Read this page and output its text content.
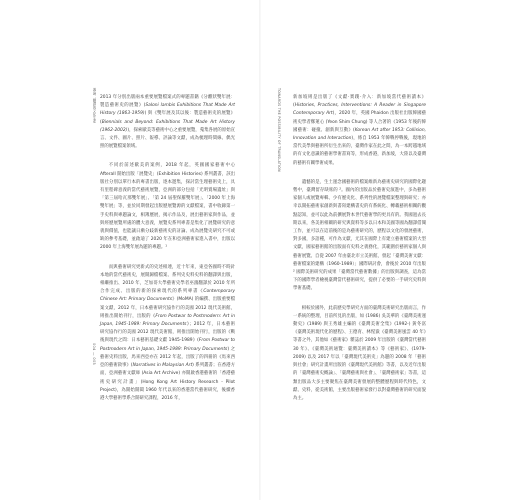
導論：翻譯與文化生產
004 — 005
TOWARDS THE POSSIBILITY OF TRANSLATION

2013 年分別出版兩本重要展覽檔案式的專題書籍《分離狀雙年展：製造藝術史的展覽》(Saloni lambis Exhibitions That Made Art History (1863-1959)) 與《雙年展及其以後：製造藝術史的展覽》(Biennials and Beyond: Exhibitions That Made Art History (1962-2002))，探索歐美等藝術中心之重要展覽，蒐集各展的原始宣言、文件、圖片、照片、報導、評論等文獻，成為梳理時間線、偶光照的展覽檔案領域。

不同於前述歐美的案例，2018 年起，英國國家藝術中心 Afterall 開始出版「展覽史」(Exhibition Histories) 系列叢書，該出版社分別以單行本的專書出版，逐本邀集，探討當生理藝術史上，具有里程碑意義的當代藝術展覽，亞洲的部分包括「光明賣場遺址」與「第三屆哈瓦那雙年展」、「第 24 屆聖保羅雙年展」、「2000 年上海雙年展」等，並於同期發起出版歷展覽源的文獻檔案，書中收錄第一手史料與專題論文，相簿歷展，揭示作品及，展出藝術家與作品，並與經歷展覽所處的體大意義，展覽史系列專書是集化了展覽研究的意義與價值，也能讓日漸分歧新藝術史的討論、成為展覽史研究不可或缺的參考基礎，並啟迪了 2020 年在和亞洲藝術家進入書中，出版以 2000 年上海雙年展為題的專題。¹

而與藝術研究更新式的史述相連，近十年來，東亞各國時不時針本地的當代藝術史，展開歸檔檔案、系列史史料史料的翻譯與出版，相繼推出、2010 年，芝加哥大學藝術史學者巫鴻翻譯於 2010 年所合作完成、出版的新的探索現代的系列專書《Contemporary Chinese Art: Primary Documents》(MoMA) 的編撰、出版重要檔案文獻，2012 年，日本藝術研究協作行的美國 2012 現代美術館，則推出開始刊行，出版的《From Postwar to Postmodern: Art in Japan, 1945-1989: Primary Documents》；2012 年，日本藝術研究協作行的美國 2012 現代美術館，則推出開始刊行，出版的《戰後與現代之間：日本藝術基礎文獻 1945-1989》(From Postwar to Postmodern Art in Japan, 1945-1989: Primary Documents) 之藝術史料出版，馬來西亞亦在 2012 年起，出版了的四冊的《馬來西亞的藝術敘事》(Narratives in Malaysian Art) 系列叢書；在香港方面，亞洲藝術文獻庫 (Asia Art Archive) 亦開啟香港藝術的「香港藝術史研究計畫」(Hong Kong Art History Research - Pilot Project)，為開始開閩 1960 年代以來的香港當代藝術研究，後續香港大學藝術學系合開研究課程，2016 年，

新加坡則是出版了《文獻·實踐·介入：新加坡當代藝術讀本》(Histories, Practices, Interventions: A Reader in Singapore Contemporary Art)，2020 年，英國 Phaidon 出版社出版韓國藝術史學者鄭蓮心 (Yeon Shim Chung) 等人合著的《1953 年後的韓國藝術：碰撞、創新與互動》(Korean Art after 1953: Collision, Innovation and Interaction)，係自 1953 年韓戰停戰後，現地的當代美學與藝術所衍生出來的，臺灣作家在此之間，為一本跨越地域的有文化意識的藝術學術書寫等，形成香港，新加坡，大陸以及臺灣的藝術有關學術成果。

遺憾的是，生土運念國藝術的檔案維新為藝術史研究的國際化趨勢中，臺灣留存缺席的 ²。國內的出版品於藝術史演進中，多為藝術家個人或展覽專輯、少有歷史化、系列性的展覽檔案整理與研究；亦幸以開拓藝術家創新與書寫建構書史的有系統化、轉載藝術相關的觀點認知，並可以此為前擴展對本世代藝術學的更具有的。我國過去長期以來，各美術相關的研究與資料等多以日本和美國等國為翻譯借閱工作，並可以在這前後的是為藝術研究的，歷程以文化的發展藝術，對多國，多語種，可作為文獻，尤其在國際上有建立藝術檔案的大型文獻，國家藝術館的出版面有史料之義務化，其範圍於藝術家個人與藝術展覽。自從 2007 年由臺北市立美術館，發起「臺灣美術文獻：藝術檔案的建構（1960-1989）」國際研討會，會後於 2010 年出版 ² 國際美術研究的成果「臺灣當代藝術數據」的出版與調查，這為當下的國際學者檢視臺灣當代藝術研究，提供了必要的一手研究史料與學術基礎。

相較於國外，此前歷史學研究方面的臺灣美術研究出版而言，作一系統的整理，目前所見的出版，如 (1986) 吳美華的《臺灣美術運動史》(1989) 與王秀雄主編的《臺灣美術全集》(1992-) 黃冬富《臺灣美術現代化的歷程》、王德育、林惺嶽《臺灣美術風雲 40 年》等書之外，其他如《藝術家》雜誌於 2009 年出版的《臺灣當代藝術 30 年》、《臺灣美術通覽：臺灣美術讀本》等《藝術家》、(1979-2009) 以及 2017 年以「臺灣現代美術史」為題的 2008 年「藝術與社會」研究計畫所出版的《臺灣現代美術館》等書，以及近年出版的「臺灣藝術史概論」、「臺灣藝術與社會」、「臺灣藝術家」等書，這類出版品大多主要聚焦在臺灣美術發展的整體歷程與時代特色，文獻、史料，從美術館，主要出版藝術家發行以對臺灣藝術的研究面貌為主。
